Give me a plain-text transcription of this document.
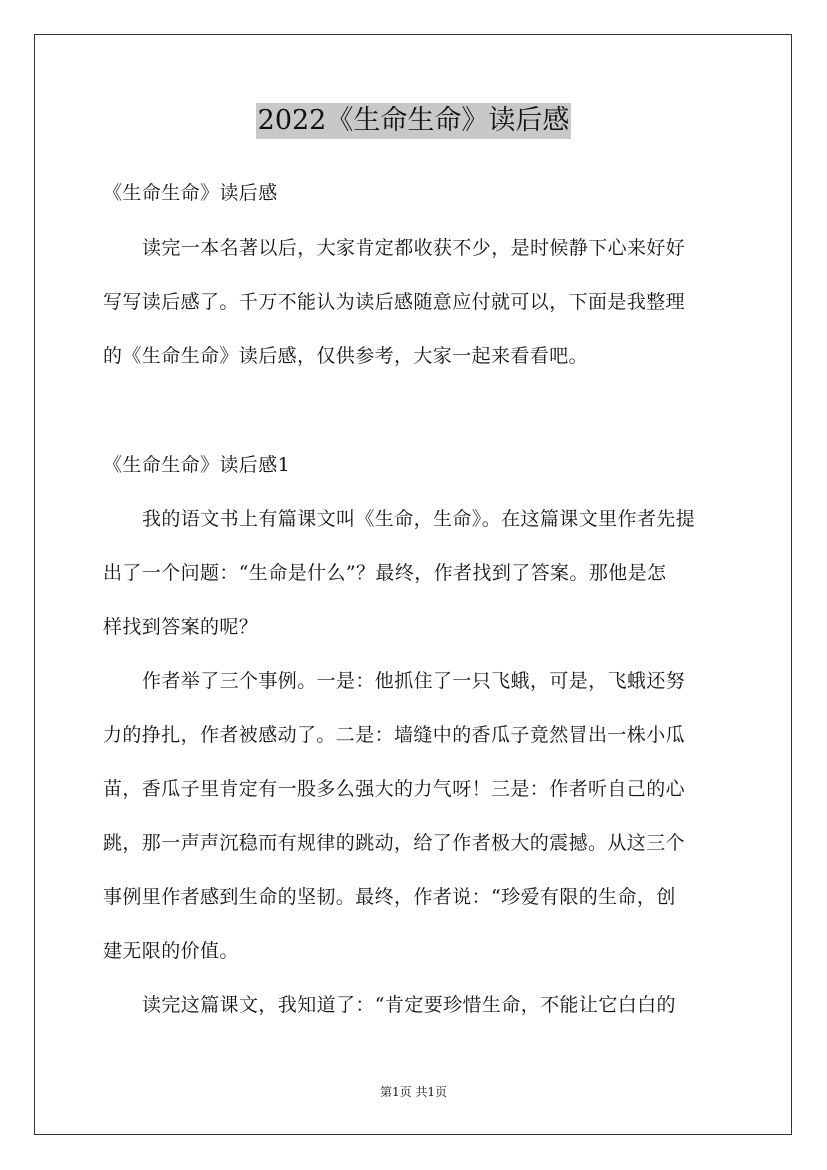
2022《生命生命》读后感
《生命生命》读后感
读完一本名著以后，大家肯定都收获不少，是时候静下心来好好
写写读后感了。千万不能认为读后感随意应付就可以，下面是我整理
的《生命生命》读后感，仅供参考，大家一起来看看吧。
《生命生命》读后感1
我的语文书上有篇课文叫《生命，生命》。在这篇课文里作者先提
出了一个问题：“生命是什么”？最终，作者找到了答案。那他是怎
样找到答案的呢？
作者举了三个事例。一是：他抓住了一只飞蛾，可是，飞蛾还努
力的挣扎，作者被感动了。二是：墙缝中的香瓜子竟然冒出一株小瓜
苗，香瓜子里肯定有一股多么强大的力气呀！三是：作者听自己的心
跳，那一声声沉稳而有规律的跳动，给了作者极大的震撼。从这三个
事例里作者感到生命的坚韧。最终，作者说：“珍爱有限的生命，创
建无限的价值。
读完这篇课文，我知道了：“肯定要珍惜生命，不能让它白白的
第1页 共1页
